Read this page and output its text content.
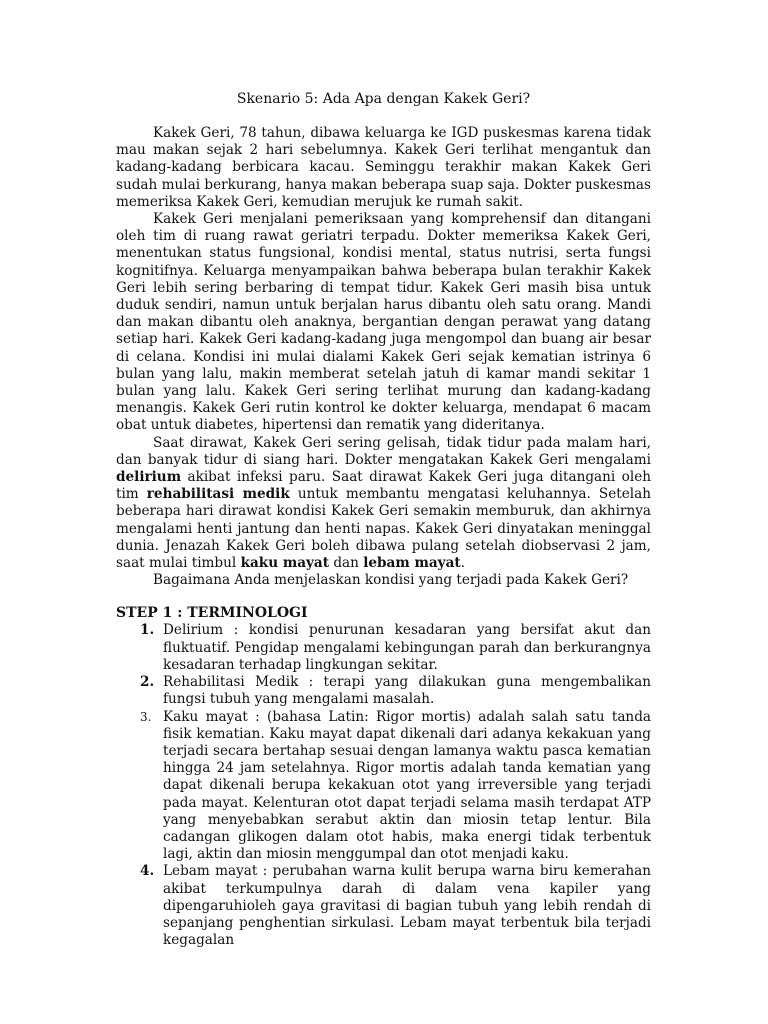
Skenario 5: Ada Apa dengan Kakek Geri?

Kakek Geri, 78 tahun, dibawa keluarga ke IGD puskesmas karena tidak mau makan sejak 2 hari sebelumnya. Kakek Geri terlihat mengantuk dan kadang-kadang berbicara kacau. Seminggu terakhir makan Kakek Geri sudah mulai berkurang, hanya makan beberapa suap saja. Dokter puskesmas memeriksa Kakek Geri, kemudian merujuk ke rumah sakit.

Kakek Geri menjalani pemeriksaan yang komprehensif dan ditangani oleh tim di ruang rawat geriatri terpadu. Dokter memeriksa Kakek Geri, menentukan status fungsional, kondisi mental, status nutrisi, serta fungsi kognitifnya. Keluarga menyampaikan bahwa beberapa bulan terakhir Kakek Geri lebih sering berbaring di tempat tidur. Kakek Geri masih bisa untuk duduk sendiri, namun untuk berjalan harus dibantu oleh satu orang. Mandi dan makan dibantu oleh anaknya, bergantian dengan perawat yang datang setiap hari. Kakek Geri kadang-kadang juga mengompol dan buang air besar di celana. Kondisi ini mulai dialami Kakek Geri sejak kematian istrinya 6 bulan yang lalu, makin memberat setelah jatuh di kamar mandi sekitar 1 bulan yang lalu. Kakek Geri sering terlihat murung dan kadang-kadang menangis. Kakek Geri rutin kontrol ke dokter keluarga, mendapat 6 macam obat untuk diabetes, hipertensi dan rematik yang dideritanya.

Saat dirawat, Kakek Geri sering gelisah, tidak tidur pada malam hari, dan banyak tidur di siang hari. Dokter mengatakan Kakek Geri mengalami delirium akibat infeksi paru. Saat dirawat Kakek Geri juga ditangani oleh tim rehabilitasi medik untuk membantu mengatasi keluhannya. Setelah beberapa hari dirawat kondisi Kakek Geri semakin memburuk, dan akhirnya mengalami henti jantung dan henti napas. Kakek Geri dinyatakan meninggal dunia. Jenazah Kakek Geri boleh dibawa pulang setelah diobservasi 2 jam, saat mulai timbul kaku mayat dan lebam mayat.

Bagaimana Anda menjelaskan kondisi yang terjadi pada Kakek Geri?

STEP 1 : TERMINOLOGI
1. Delirium : kondisi penurunan kesadaran yang bersifat akut dan fluktuatif. Pengidap mengalami kebingungan parah dan berkurangnya kesadaran terhadap lingkungan sekitar.
2. Rehabilitasi Medik : terapi yang dilakukan guna mengembalikan fungsi tubuh yang mengalami masalah.
3. Kaku mayat : (bahasa Latin: Rigor mortis) adalah salah satu tanda fisik kematian. Kaku mayat dapat dikenali dari adanya kekakuan yang terjadi secara bertahap sesuai dengan lamanya waktu pasca kematian hingga 24 jam setelahnya. Rigor mortis adalah tanda kematian yang dapat dikenali berupa kekakuan otot yang irreversible yang terjadi pada mayat. Kelenturan otot dapat terjadi selama masih terdapat ATP yang menyebabkan serabut aktin dan miosin tetap lentur. Bila cadangan glikogen dalam otot habis, maka energi tidak terbentuk lagi, aktin dan miosin menggumpal dan otot menjadi kaku.
4. Lebam mayat : perubahan warna kulit berupa warna biru kemerahan akibat terkumpulnya darah di dalam vena kapiler yang dipengaruhioleh gaya gravitasi di bagian tubuh yang lebih rendah di sepanjang penghentian sirkulasi. Lebam mayat terbentuk bila terjadi kegagalan
